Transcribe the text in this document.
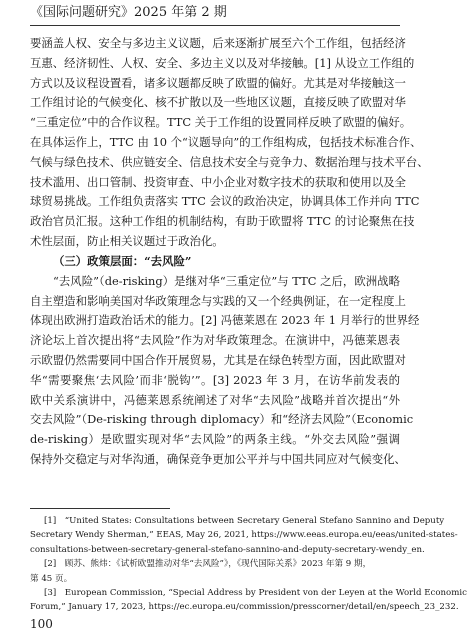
《国际问题研究》2025 年第 2 期
要涵盖人权、安全与多边主义议题，后来逐渐扩展至六个工作组，包括经济
互惠、经济韧性、人权、安全、多边主义以及对华接触。[1] 从设立工作组的
方式以及议程设置看，诸多议题都反映了欧盟的偏好。尤其是对华接触这一
工作组讨论的气候变化、核不扩散以及一些地区议题，直接反映了欧盟对华
“三重定位”中的合作议程。TTC 关于工作组的设置同样反映了欧盟的偏好。
在具体运作上，TTC 由 10 个“议题导向”的工作组构成，包括技术标准合作、
气候与绿色技术、供应链安全、信息技术安全与竞争力、数据治理与技术平台、
技术滥用、出口管制、投资审查、中小企业对数字技术的获取和使用以及全
球贸易挑战。工作组负责落实 TTC 会议的政治决定，协调具体工作并向 TTC
政治官员汇报。这种工作组的机制结构，有助于欧盟将 TTC 的讨论聚焦在技
术性层面，防止相关议题过于政治化。
（三）政策层面：“去风险”
“去风险”（de-risking）是继对华“三重定位”与 TTC 之后，欧洲战略
自主塑造和影响美国对华政策理念与实践的又一个经典例证，在一定程度上
体现出欧洲打造政治话术的能力。[2] 冯德莱恩在 2023 年 1 月举行的世界经
济论坛上首次提出将“去风险”作为对华政策理念。在演讲中，冯德莱恩表
示欧盟仍然需要同中国合作开展贸易，尤其是在绿色转型方面，因此欧盟对
华“需要聚焦‘去风险’而非‘脱钩’”。[3] 2023 年 3 月，在访华前发表的
欧中关系演讲中，冯德莱恩系统阐述了对华“去风险”战略并首次提出“外
交去风险”（De-risking through diplomacy）和“经济去风险”（Economic
de-risking）是欧盟实现对华“去风险”的两条主线。“外交去风险”强调
保持外交稳定与对华沟通，确保竞争更加公平并与中国共同应对气候变化、
[1]　“United States: Consultations between Secretary General Stefano Sannino and Deputy
Secretary Wendy Sherman,” EEAS, May 26, 2021, https://www.eeas.europa.eu/eeas/united-states-
consultations-between-secretary-general-stefano-sannino-and-deputy-secretary-wendy_en.
[2]　顾苏、熊炜：《试析欧盟推动对华“去风险”》，《现代国际关系》2023 年第 9 期，
第 45 页。
[3]　European Commission, “Special Address by President von der Leyen at the World Economic
Forum,” January 17, 2023, https://ec.europa.eu/commission/presscorner/detail/en/speech_23_232.
100
